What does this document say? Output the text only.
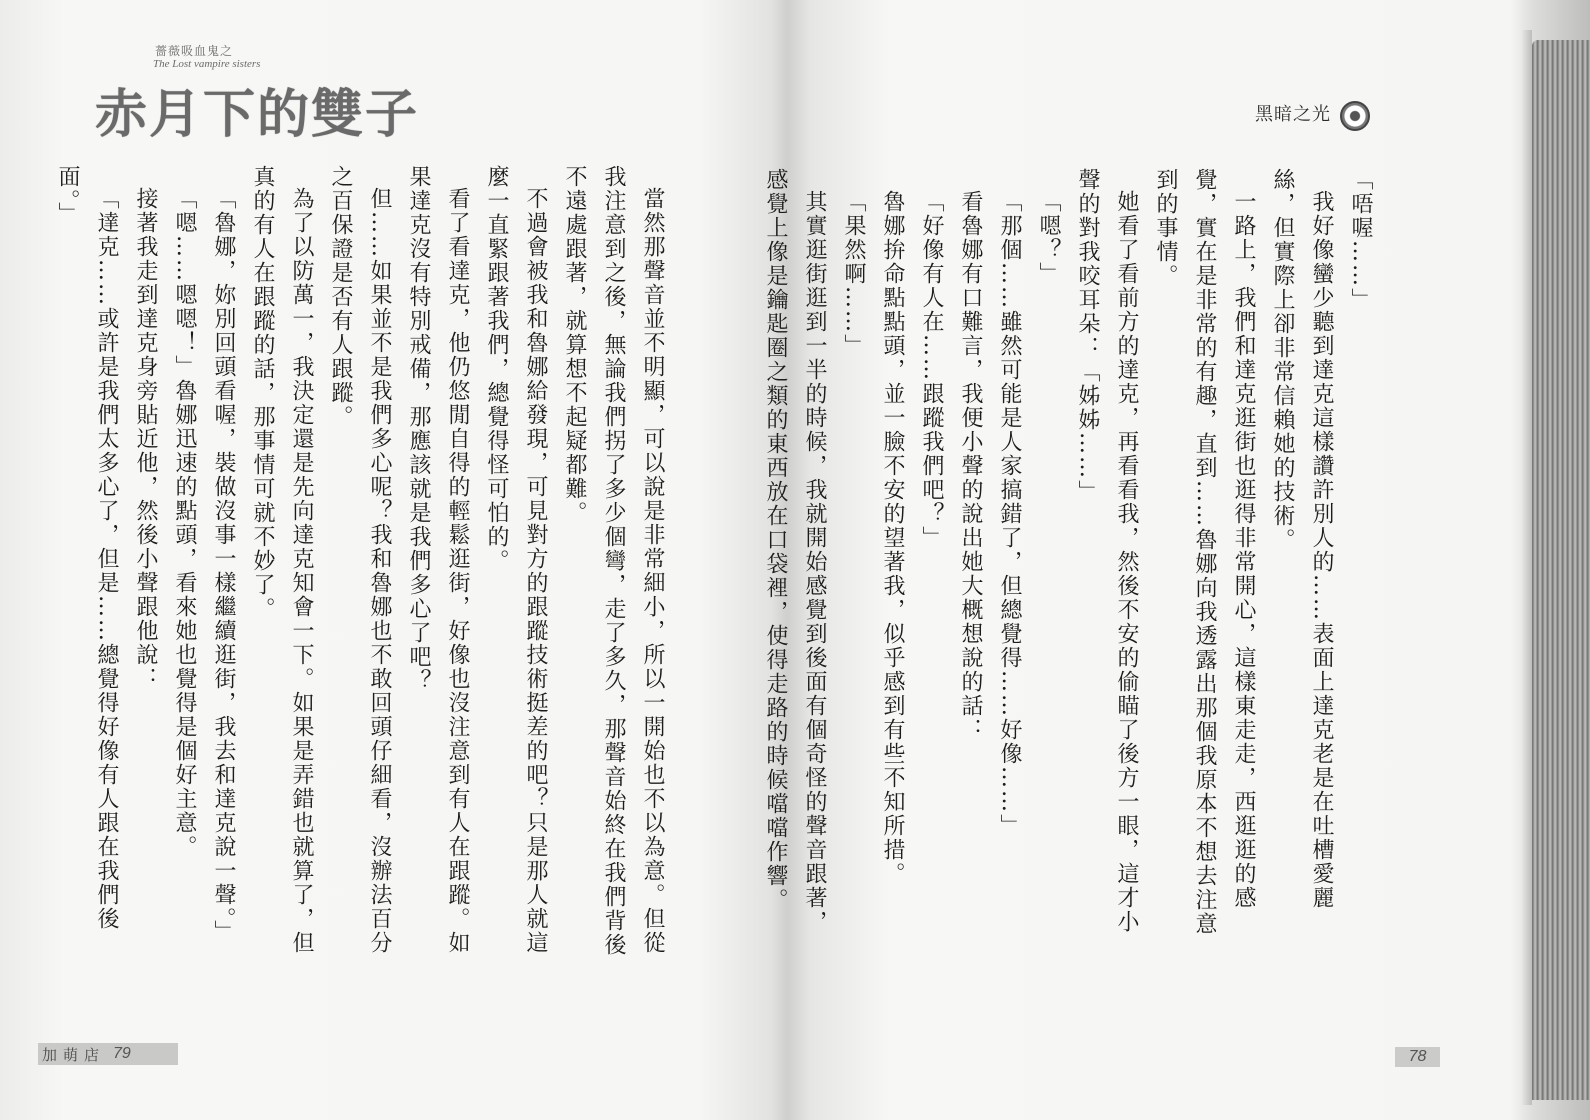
薔薇吸血鬼之
The Lost vampire sisters
赤月下的雙子

當然那聲音並不明顯，可以說是非常細小，所以一開始也不以為意。但從我注意到之後，無論我們拐了多少個彎，走了多久，那聲音始終在我們背後不遠處跟著，就算想不起疑都難。

不過會被我和魯娜給發現，可見對方的跟蹤技術挺差的吧？只是那人就這麼一直緊跟著我們，總覺得怪可怕的。

看了看達克，他仍悠閒自得的輕鬆逛街，好像也沒注意到有人在跟蹤。如果達克沒有特別戒備，那應該就是我們多心了吧？

但……如果並不是我們多心呢？我和魯娜也不敢回頭仔細看，沒辦法百分之百保證是否有人跟蹤。

為了以防萬一，我決定還是先向達克知會一下。如果是弄錯也就算了，但真的有人在跟蹤的話，那事情可就不妙了。

「魯娜，妳別回頭看喔，裝做沒事一樣繼續逛街，我去和達克說一聲。」

「嗯……嗯嗯！」魯娜迅速的點頭，看來她也覺得是個好主意。

接著我走到達克身旁貼近他，然後小聲跟他說：

「達克……或許是我們太多心了，但是……總覺得好像有人跟在我們後面。」

加萌店 79
黑暗之光

「唔喔……」

我好像蠻少聽到達克這樣讚許別人的……表面上達克老是在吐槽愛麗絲，但實際上卻非常信賴她的技術。

一路上，我們和達克逛街也逛得非常開心，這樣東走走，西逛逛的感覺，實在是非常的有趣，直到……魯娜向我透露出那個我原本不想去注意到的事情。

她看了看前方的達克，再看看我，然後不安的偷瞄了後方一眼，這才小聲的對我咬耳朵：「姊姊……」

「嗯？」

「那個……雖然可能是人家搞錯了，但總覺得……好像……」

看魯娜有口難言，我便小聲的說出她大概想說的話：

「好像有人在……跟蹤我們吧？」

魯娜拚命點點頭，並一臉不安的望著我，似乎感到有些不知所措。

「果然啊……」

其實逛街逛到一半的時候，我就開始感覺到後面有個奇怪的聲音跟著，感覺上像是鑰匙圈之類的東西放在口袋裡，使得走路的時候噹噹作響。

78
